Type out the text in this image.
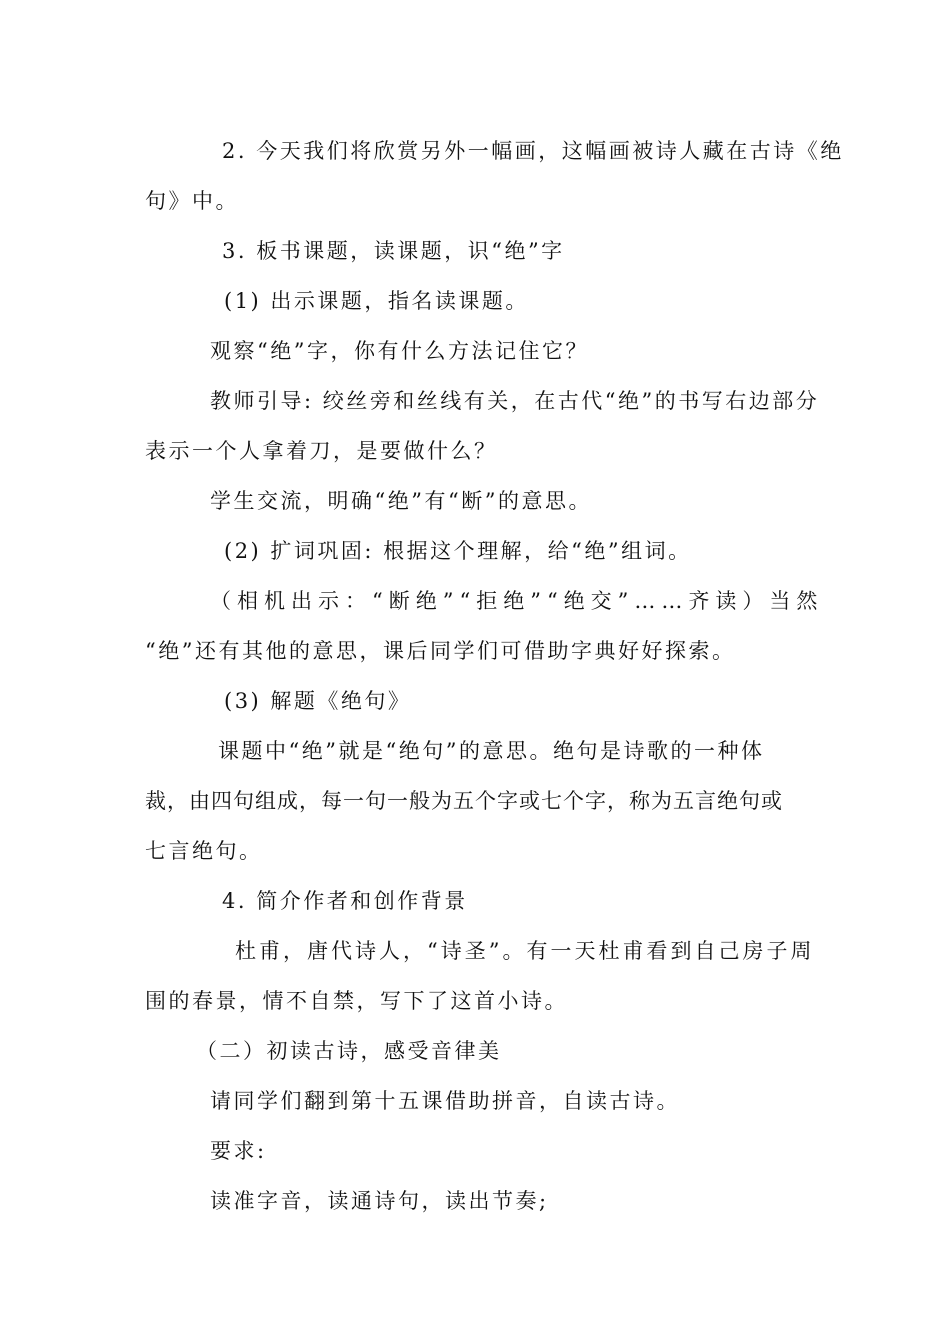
2. 今天我们将欣赏另外一幅画，这幅画被诗人藏在古诗《绝
句》中。
3. 板书课题，读课题，识“绝”字
(1) 出示课题，指名读课题。
观察“绝”字，你有什么方法记住它？
教师引导: 绞丝旁和丝线有关，在古代“绝”的书写右边部分
表示一个人拿着刀，是要做什么？
学生交流，明确“绝”有“断”的意思。
(2) 扩词巩固: 根据这个理解，给“绝”组词。
（相机出示：“断绝”“拒绝”“绝交”……齐读）当然
“绝”还有其他的意思，课后同学们可借助字典好好探索。
(3) 解题《绝句》
课题中“绝”就是“绝句”的意思。绝句是诗歌的一种体
裁，由四句组成，每一句一般为五个字或七个字，称为五言绝句或
七言绝句。
4. 简介作者和创作背景
杜甫，唐代诗人，“诗圣”。有一天杜甫看到自己房子周
围的春景，情不自禁，写下了这首小诗。
（二）初读古诗，感受音律美
请同学们翻到第十五课借助拼音，自读古诗。
要求:
读准字音，读通诗句，读出节奏;
